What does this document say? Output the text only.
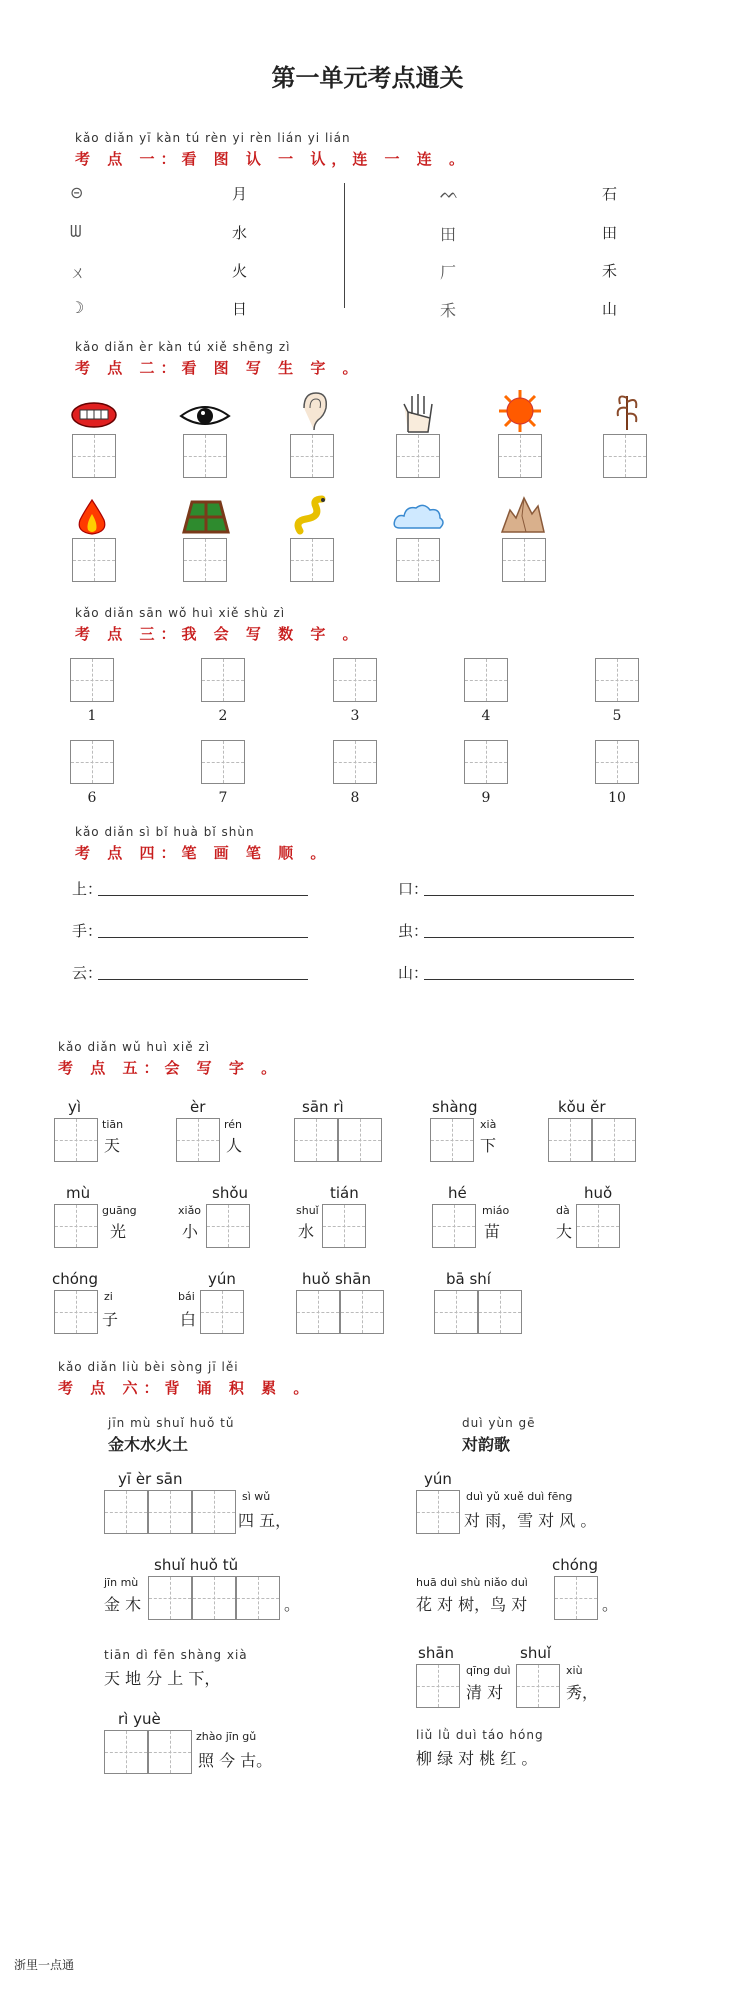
第一单元考点通关
kǎo diǎn yī kàn tú rèn yi rèn lián yi lián
考 点 一：看 图 认 一 认，连 一 连 。
⊝
ᗯ
ㄨ
☽
月
水
火
日
ᨓ
田
厂
禾
石
田
禾
山
kǎo diǎn èr kàn tú xiě shēng zì
考 点 二：看 图 写 生 字 。
kǎo diǎn sān wǒ huì xiě shù zì
考 点 三：我 会 写 数 字 。
1	2	3	4	5
6	7	8	9	10
kǎo diǎn sì bǐ huà bǐ shùn
考 点 四：笔 画 笔 顺 。
上：
手：
云：
口：
虫：
山：
kǎo diǎn wǔ huì xiě zì
考 点 五：会 写 字 。
yì
tiān
天
èr
rén
人
sān rì	shàng
xià
下
kǒu ěr
mù
guāng
光
xiǎo
小
shǒu
shuǐ
水
tián	hé
miáo
苗
dà
大
huǒ
chóng
zi
子
bái
白
yún	huǒ shān	bā shí
kǎo diǎn liù bèi sòng jī lěi
考 点 六：背 诵 积 累 。
jīn mù shuǐ huǒ tǔ
金木水火土
duì yùn gē
对韵歌
yī èr sān
sì wǔ
四 五，
jīn mù
金 木
shuǐ huǒ tǔ
。
tiān dì fēn shàng xià
天 地 分 上 下，
rì yuè
zhào jīn gǔ
照 今 古。
yún
duì yǔ xuě duì fēng
对 雨，雪 对 风 。
huā duì shù niǎo duì
花 对 树，鸟 对
chóng
。
shān
qīng duì
清 对
shuǐ
xiù
秀，
liǔ lǜ duì táo hóng
柳 绿 对 桃 红 。
浙里一点通
